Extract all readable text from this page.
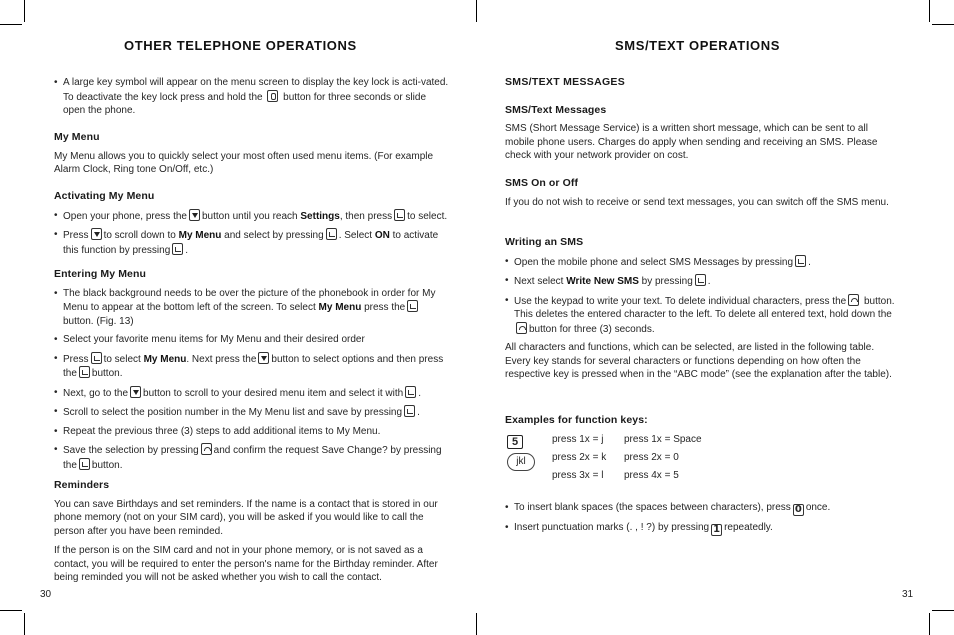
OTHER TELEPHONE OPERATIONS
• A large key symbol will appear on the menu screen to display the key lock is acti-vated. To deactivate the key lock press and hold the button for three seconds or slide open the phone.
My Menu

My Menu allows you to quickly select your most often used menu items. (For example Alarm Clock, Ring tone On/Off, etc.)

Activating My Menu
• Open your phone, press the button until you reach Settings, then press to select.
• Press to scroll down to My Menu and select by pressing . Select ON to activate this function by pressing .
Entering My Menu
• The black background needs to be over the picture of the phonebook in order for My Menu to appear at the bottom left of the screen. To select My Menu press the button. (Fig. 13)
• Select your favorite menu items for My Menu and their desired order
• Press to select My Menu. Next press the button to select options and then press the button.
• Next, go to the button to scroll to your desired menu item and select it with .
• Scroll to select the position number in the My Menu list and save by pressing .
• Repeat the previous three (3) steps to add additional items to My Menu.
• Save the selection by pressing and confirm the request Save Change? by pressing the button.
Reminders

You can save Birthdays and set reminders. If the name is a contact that is stored in our phone memory (not on your SIM card), you will be asked if you would like to call the person after you have been reminded.

If the person is on the SIM card and not in your phone memory, or is not saved as a contact, you will be required to enter the person's name for the Birthday reminder. After being reminded you will not be asked whether you wish to call the contact.

30
SMS/TEXT OPERATIONS
SMS/TEXT MESSAGES
SMS/Text Messages

SMS (Short Message Service) is a written short message, which can be sent to all mobile phone users. Charges do apply when sending and receiving an SMS. Please check with your network provider on cost.

SMS On or Off

If you do not wish to receive or send text messages, you can switch off the SMS menu.

Writing an SMS
• Open the mobile phone and select SMS Messages by pressing .
• Next select Write New SMS by pressing .
• Use the keypad to write your text. To delete individual characters, press the button. This deletes the entered character to the left. To delete all entered text, hold down thebutton for three (3) seconds.

All characters and functions, which can be selected, are listed in the following table. Every key stands for several characters or functions depending on how often the respective key is pressed when in the “ABC mode” (see the explanation after the table).

Examples for function keys:
5
jkl
press 1x = j press 1x = Space
press 2x = k press 2x = 0
press 3x = l press 4x = 5
• To insert blank spaces (the spaces between characters), press 0 once.
• Insert punctuation marks (. , ! ?) by pressing 1 repeatedly.
31
